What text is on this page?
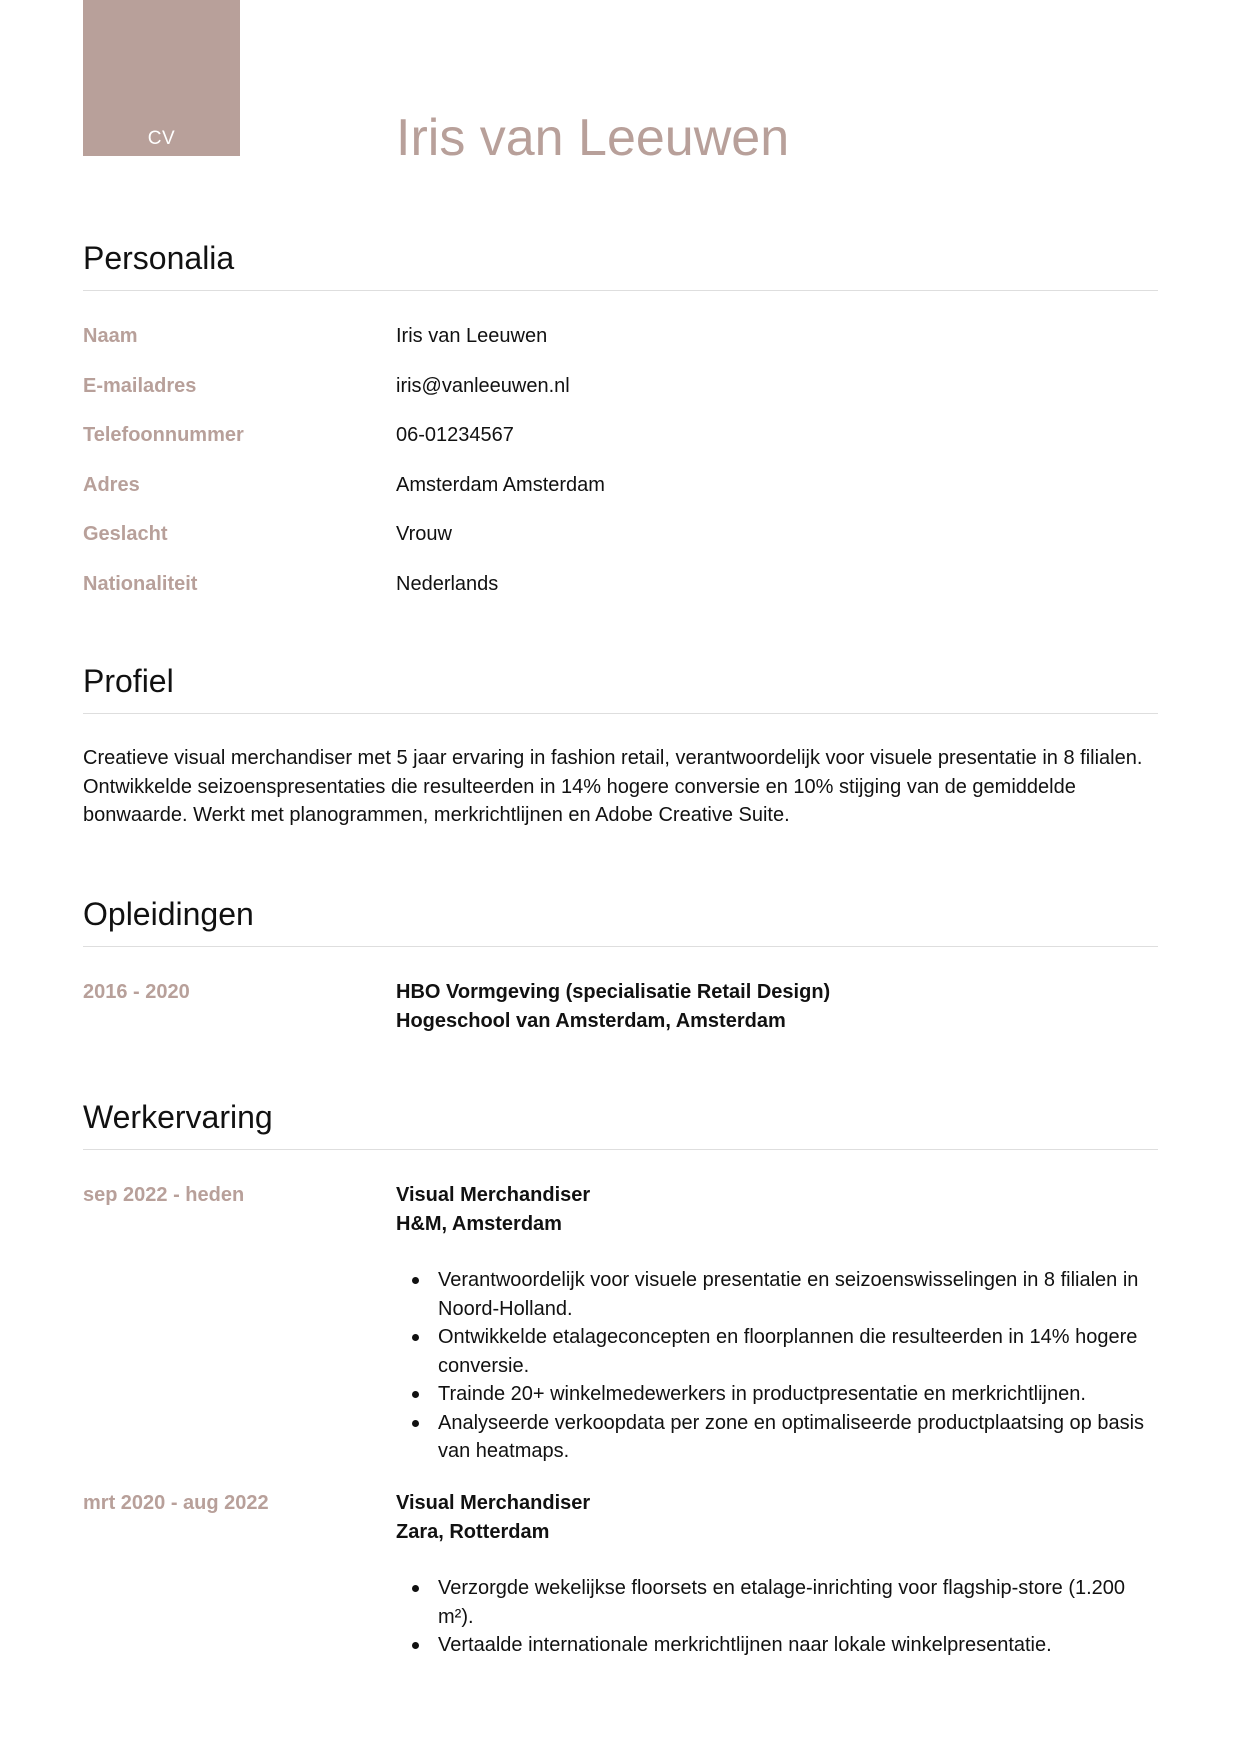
CV	Iris van Leeuwen
Personalia
Naam	Iris van Leeuwen
E-mailadres	iris@vanleeuwen.nl
Telefoonnummer	06-01234567
Adres	Amsterdam Amsterdam
Geslacht	Vrouw
Nationaliteit	Nederlands
Profiel
Creatieve visual merchandiser met 5 jaar ervaring in fashion retail, verantwoordelijk voor visuele presentatie in 8 filialen. Ontwikkelde seizoenspresentaties die resulteerden in 14% hogere conversie en 10% stijging van de gemiddelde bonwaarde. Werkt met planogrammen, merkrichtlijnen en Adobe Creative Suite.
Opleidingen
2016 - 2020	HBO Vormgeving (specialisatie Retail Design)
Hogeschool van Amsterdam, Amsterdam
Werkervaring
sep 2022 - heden	Visual Merchandiser
H&M, Amsterdam
Verantwoordelijk voor visuele presentatie en seizoenswisselingen in 8 filialen in Noord-Holland.
Ontwikkelde etalageconcepten en floorplannen die resulteerden in 14% hogere conversie.
Trainde 20+ winkelmedewerkers in productpresentatie en merkrichtlijnen.
Analyseerde verkoopdata per zone en optimaliseerde productplaatsing op basis van heatmaps.
mrt 2020 - aug 2022	Visual Merchandiser
Zara, Rotterdam
Verzorgde wekelijkse floorsets en etalage-inrichting voor flagship-store (1.200 m²).
Vertaalde internationale merkrichtlijnen naar lokale winkelpresentatie.
